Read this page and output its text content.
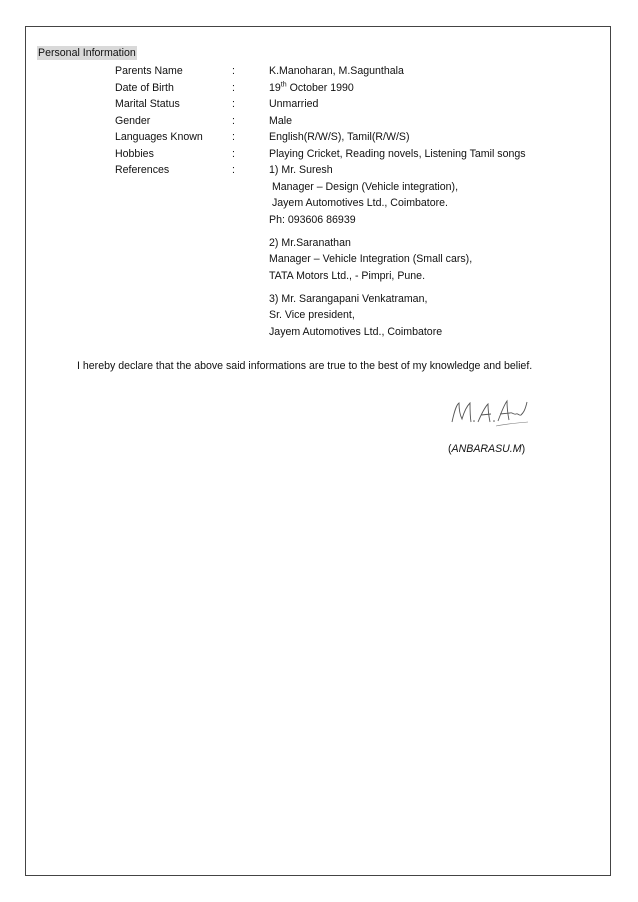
Personal Information
Parents Name	:	K.Manoharan, M.Sagunthala
Date of Birth	:	19th October 1990
Marital Status	:	Unmarried
Gender	:	Male
Languages Known	:	English(R/W/S), Tamil(R/W/S)
Hobbies	:	Playing Cricket, Reading novels, Listening Tamil songs
References	:	1) Mr. Suresh
Manager – Design (Vehicle integration),
Jayem Automotives Ltd., Coimbatore.
Ph: 093606 86939
2) Mr.Saranathan
Manager – Vehicle Integration (Small cars),
TATA Motors Ltd., - Pimpri, Pune.
3) Mr. Sarangapani Venkatraman,
Sr. Vice president,
Jayem Automotives Ltd., Coimbatore
I hereby declare that the above said informations are true to the best of my knowledge and belief.
(ANBARASU.M)
